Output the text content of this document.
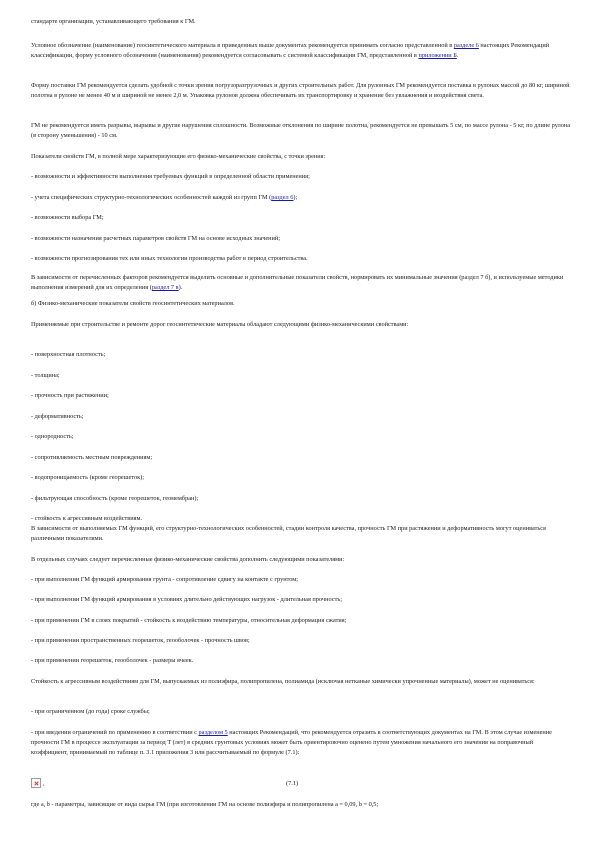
стандарте организации, устанавливающего требования к ГМ.

Условное обозначение (наименование) геосинтетического материала в приведенных выше документах рекомендуется принимать согласно представленной в разделе 6 настоящих Рекомендаций классификации, форму условного обозначения (наименования) рекомендуется согласовывать с системой классификации ГМ, представленной в приложении Б.

Форму поставки ГМ рекомендуется сделать удобной с точки зрения погрузоразгрузочных и других строительных работ. Для рулонных ГМ рекомендуется поставка в рулонах массой до 80 кг, шириной полотна в рулоне не менее 40 м и шириной не менее 2,0 м. Упаковка рулонов должна обеспечивать их транспортировку и хранение без увлажнения и воздействия света.

ГМ не рекомендуется иметь разрывы, вырывы и другие нарушения сплошности. Возможные отклонения по ширине полотна, рекомендуется не превышать 5 см, по массе рулона - 5 кг, по длине рулона (в сторону уменьшения) - 10 см.

Показатели свойств ГМ, в полной мере характеризующие его физико-механические свойства, с точки зрения:

- возможности и эффективности выполнения требуемых функций в определенной области применения;

- учета специфических структурно-технологических особенностей каждой из групп ГМ (раздел 6);

- возможности выбора ГМ;

- возможности назначения расчетных параметров свойств ГМ на основе исходных значений;

- возможности прогнозирования тех или иных технологии производства работ в период строительства.

В зависимости от перечисленных факторов рекомендуется выделить основные и дополнительные показатели свойств, нормировать их минимальные значения (раздел 7 б), и используемые методики выполнения измерений для их определения (раздел 7 в).

б) Физико-механические показатели свойств геосинтетических материалов.

Применяемые при строительстве и ремонте дорог геосинтетические материалы обладают следующими физико-механическими свойствами:

- поверхностная плотность;

- толщина;

- прочность при растяжении;

- деформативность;

- однородность;

- сопротивляемость местным повреждениям;

- водопроницаемость (кроме георешеток);

- фильтрующая способность (кроме георешеток, геомембран);

- стойкость к агрессивным воздействиям.

В зависимости от выполняемых ГМ функций, его структурно-технологических особенностей, стадии контроля качества, прочность ГМ при растяжении и деформативность могут оцениваться различными показателями.

В отдельных случаях следует перечисленные физико-механические свойства дополнить следующими показателями:

- при выполнении ГМ функций армирования грунта - сопротивление сдвигу на контакте с грунтом;

- при выполнении ГМ функций армирования в условиях длительно действующих нагрузок - длительная прочность;

- при применении ГМ в слоях покрытий - стойкость к воздействию температуры, относительная деформация сжатия;

- при применении пространственных георешеток, геооболочек - прочность швов;

- при применении георешеток, геооболочек - размеры ячеек.

Стойкость к агрессивным воздействиям для ГМ, выпускаемых из полиэфира, полипропилена, полиамида (исключая нетканые химически упрочненные материалы), может не оцениваться:

- при ограниченном (до года) сроке службы;

- при введении ограничений по применению в соответствии с разделом 5 настоящих Рекомендаций, что рекомендуется отразить в соответствующих документах на ГМ. В этом случае изменение прочности ГМ в процессе эксплуатации за период T (лет) в средних грунтовых условиях может быть ориентировочно оценено путем умножения начального его значения на поправочный коэффициент, принимаемый по таблице п. 3.1 приложения 3 или рассчитываемый по формуле (7.1):

,	(7.1)

где a, b - параметры, зависящие от вида сырья ГМ (при изготовлении ГМ на основе полиэфира и полипропилена a = 0,09, b = 0,5;
